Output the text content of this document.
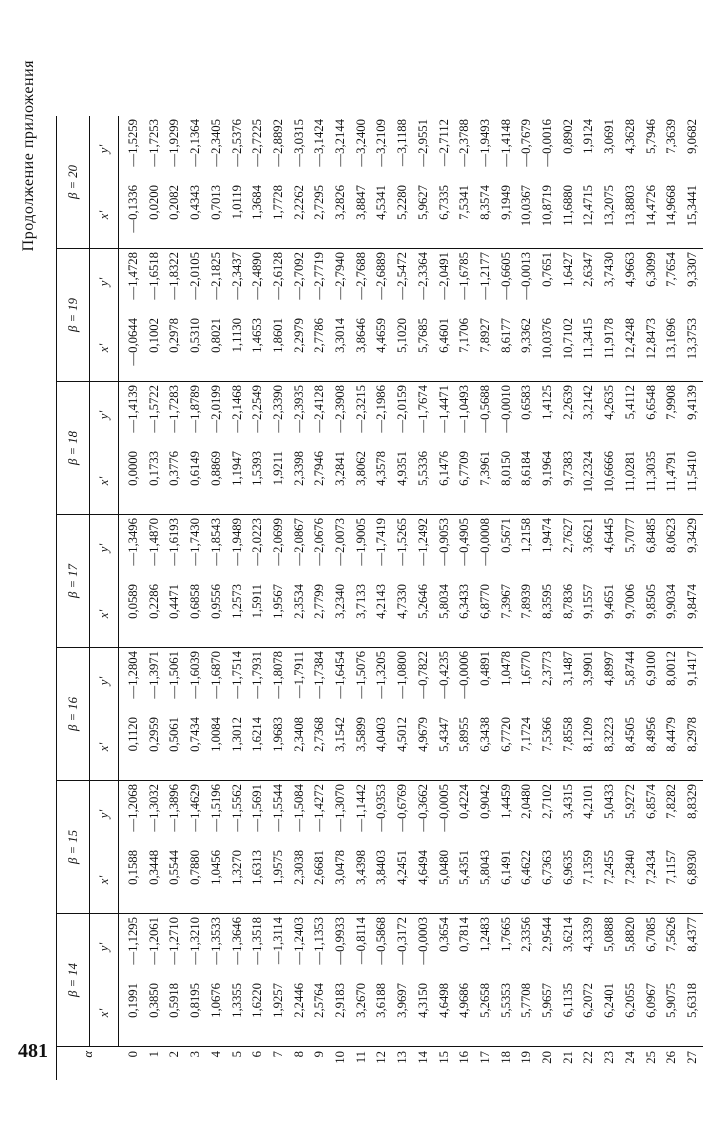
Продолжение приложения
α	β = 14		β = 15		β = 16		β = 17		β = 18		β = 19		β = 20	
	x'	y'	x'	y'	x'	y'	x'	y'	x'	y'	x'	y'	x'	y'
0	0,1991	—1,1295	0,1588	—1,2068	0,1120	—1,2804	0,0589	—1,3496	0,0000	—1,4139	—0,0644	—1,4728	—0,1336	—1,5259
1	0,3850	—1,2061	0,3448	—1,3032	0,2959	—1,3971	0,2286	—1,4870	0,1733	—1,5722	0,1002	—1,6518	0,0200	—1,7253
2	0,5918	—1,2710	0,5544	—1,3896	0,5061	—1,5061	0,4471	—1,6193	0,3776	—1,7283	0,2978	—1,8322	0,2082	—1,9299
3	0,8195	—1,3210	0,7880	—1,4629	0,7434	—1,6039	0,6858	—1,7430	0,6149	—1,8789	0,5310	—2,0105	0,4343	—2,1364
4	1,0676	—1,3533	1,0456	—1,5196	1,0084	—1,6870	0,9556	—1,8543	0,8869	—2,0199	0,8021	—2,1825	0,7013	—2,3405
5	1,3355	—1,3646	1,3270	—1,5562	1,3012	—1,7514	1,2573	—1,9489	1,1947	—2,1468	1,1130	—2,3437	1,0119	—2,5376
6	1,6220	—1,3518	1,6313	—1,5691	1,6214	—1,7931	1,5911	—2,0223	1,5393	—2,2549	1,4653	—2,4890	1,3684	—2,7225
7	1,9257	—1,3114	1,9575	—1,5544	1,9683	—1,8078	1,9567	—2,0699	1,9211	—2,3390	1,8601	—2,6128	1,7728	—2,8892
8	2,2446	—1,2403	2,3038	—1,5084	2,3408	—1,7911	2,3534	—2,0867	2,3398	—2,3935	2,2979	—2,7092	2,2262	—3,0315
9	2,5764	—1,1353	2,6681	—1,4272	2,7368	—1,7384	2,7799	—2,0676	2,7946	—2,4128	2,7786	—2,7719	2,7295	—3,1424
10	2,9183	—0,9933	3,0478	—1,3070	3,1542	—1,6454	3,2340	—2,0073	3,2841	—2,3908	3,3014	—2,7940	3,2826	—3,2144
11	3,2670	—0,8114	3,4398	—1,1442	3,5899	—1,5076	3,7133	—1,9005	3,8062	—2,3215	3,8646	—2,7688	3,8847	—3,2400
12	3,6188	—0,5868	3,8403	—0,9353	4,0403	—1,3205	4,2143	—1,7419	4,3578	—2,1986	4,4659	—2,6889	4,5341	—3,2109
13	3,9697	—0,3172	4,2451	—0,6769	4,5012	—1,0800	4,7330	—1,5265	4,9351	—2,0159	5,1020	—2,5472	5,2280	—3,1188
14	4,3150	—0,0003	4,6494	—0,3662	4,9679	—0,7822	5,2646	—1,2492	5,5336	—1,7674	5,7685	—2,3364	5,9627	—2,9551
15	4,6498	0,3654	5,0480	—0,0005	5,4347	—0,4235	5,8034	—0,9053	6,1476	—1,4471	6,4601	—2,0491	6,7335	—2,7112
16	4,9686	0,7814	5,4351	0,4224	5,8955	—0,0006	6,3433	—0,4905	6,7709	—1,0493	7,1706	—1,6785	7,5341	—2,3788
17	5,2658	1,2483	5,8043	0,9042	6,3438	0,4891	6,8770	—0,0008	7,3961	—0,5688	7,8927	—1,2177	8,3574	—1,9493
18	5,5353	1,7665	6,1491	1,4459	6,7720	1,0478	7,3967	0,5671	8,0150	—0,0010	8,6177	—0,6605	9,1949	—1,4148
19	5,7708	2,3356	6,4622	2,0480	7,1724	1,6770	7,8939	1,2158	8,6184	0,6583	9,3362	—0,0013	10,0367	—0,7679
20	5,9657	2,9544	6,7363	2,7102	7,5366	2,3773	8,3595	1,9474	9,1964	1,4125	10,0376	0,7651	10,8719	—0,0016
21	6,1135	3,6214	6,9635	3,4315	7,8558	3,1487	8,7836	2,7627	9,7383	2,2639	10,7102	1,6427	11,6880	0,8902
22	6,2072	4,3339	7,1359	4,2101	8,1209	3,9901	9,1557	3,6621	10,2324	3,2142	11,3415	2,6347	12,4715	1,9124
23	6,2401	5,0888	7,2455	5,0433	8,3223	4,8997	9,4651	4,6445	10,6666	4,2635	11,9178	3,7430	13,2075	3,0691
24	6,2055	5,8820	7,2840	5,9272	8,4505	5,8744	9,7006	5,7077	11,0281	5,4112	12,4248	4,9663	13,8803	4,3628
25	6,0967	6,7085	7,2434	6,8574	8,4956	6,9100	9,8505	6,8485	11,3035	6,6548	12,8473	6,3099	14,4726	5,7946
26	5,9075	7,5626	7,1157	7,8282	8,4479	8,0012	9,9034	8,0623	11,4791	7,9908	13,1696	7,7654	14,9668	7,3639
27	5,6318	8,4377	6,8930	8,8329	8,2978	9,1417	9,8474	9,3429	11,5410	9,4139	13,3753	9,3307	15,3441	9,0682
481
